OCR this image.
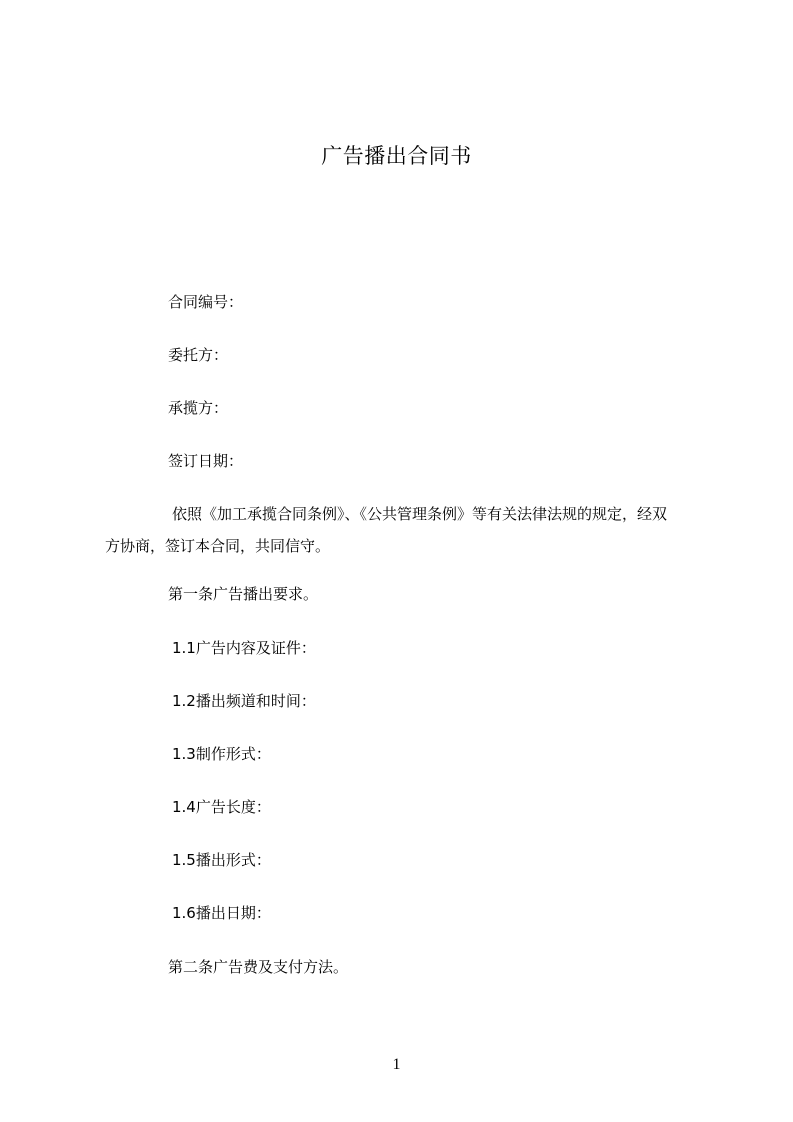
广告播出合同书
合同编号：
委托方：
承揽方：
签订日期：
依照《加工承揽合同条例》、《公共管理条例》等有关法律法规的规定，经双
方协商，签订本合同，共同信守。
第一条广告播出要求。
1.1广告内容及证件：
1.2播出频道和时间：
1.3制作形式：
1.4广告长度：
1.5播出形式：
1.6播出日期：
第二条广告费及支付方法。
1
